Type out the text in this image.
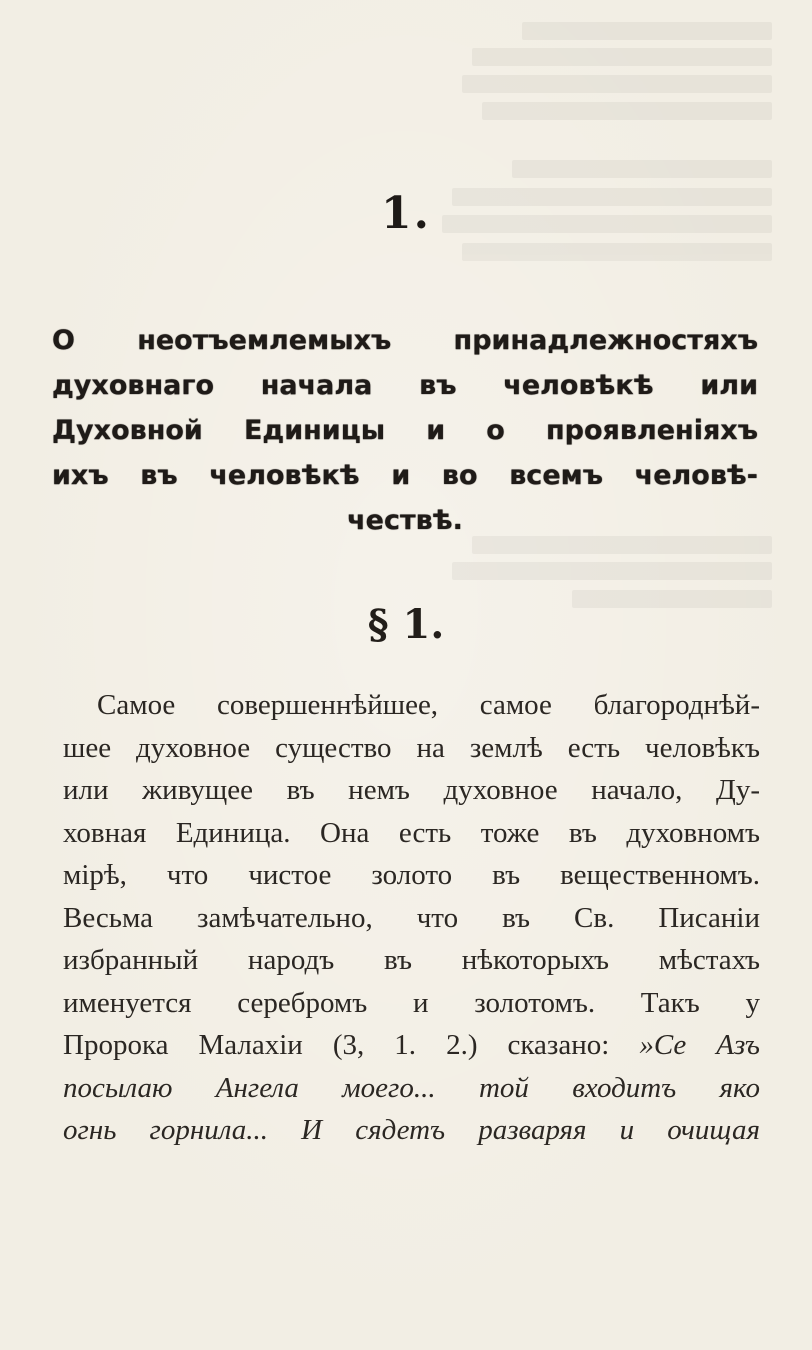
1.
О неотъемлемыхъ принадлежностяхъ
духовнаго начала въ человѣкѣ или
Духовной Единицы и о проявленіяхъ
ихъ въ человѣкѣ и во всемъ человѣ-
чествѣ.
§ 1.
Самое совершеннѣйшее, самое благороднѣй-
шее духовное существо на землѣ есть человѣкъ
или живущее въ немъ духовное начало, Ду-
ховная Единица. Она есть тоже въ духовномъ
мірѣ, что чистое золото въ вещественномъ.
Весьма замѣчательно, что въ Св. Писаніи
избранный народъ въ нѣкоторыхъ мѣстахъ
именуется серебромъ и золотомъ. Такъ у
Пророка Малахіи (3, 1. 2.) сказано: »Се Азъ
посылаю Ангела моего... той входитъ яко
огнь горнила... И сядетъ разваряя и очищая
